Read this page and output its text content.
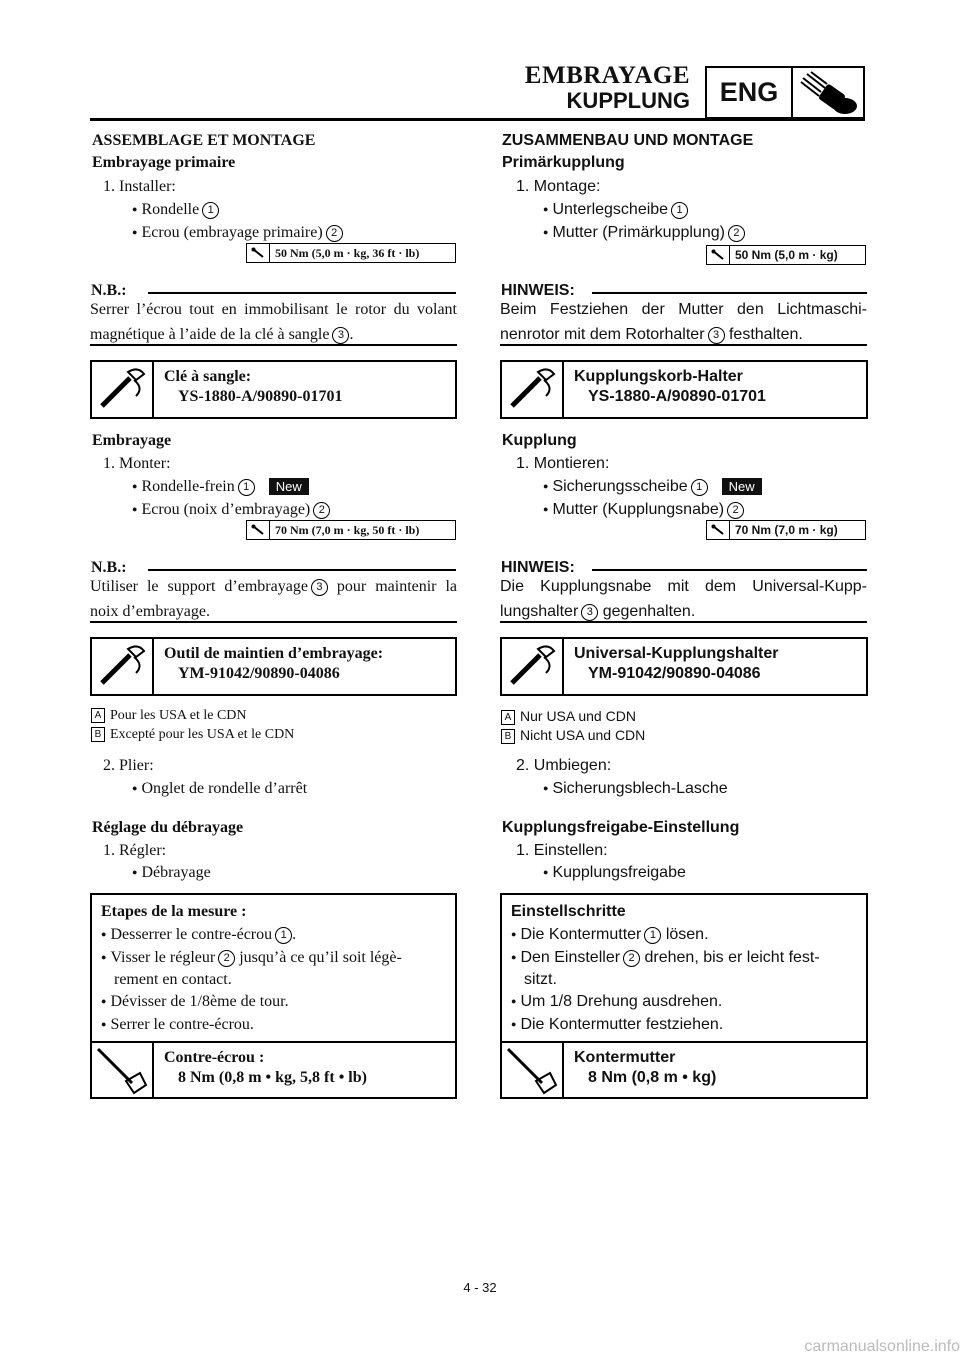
EMBRAYAGE
KUPPLUNG	ENG
ASSEMBLAGE ET MONTAGE
Embrayage primaire
1. Installer:
● Rondelle 1
● Ecrou (embrayage primaire) 2
50 Nm (5,0 m · kg, 36 ft · lb)
N.B.:
Serrer l’écrou tout en immobilisant le rotor du volant magnétique à l’aide de la clé à sangle 3 .
Clé à sangle:
YS-1880-A/90890-01701
Embrayage
1. Monter:
● Rondelle-frein 1 New
● Ecrou (noix d’embrayage) 2
70 Nm (7,0 m · kg, 50 ft · lb)
N.B.:
Utiliser le support d’embrayage 3 pour maintenir la noix d’embrayage.
Outil de maintien d’embrayage:
YM-91042/90890-04086
A Pour les USA et le CDN
B Excepté pour les USA et le CDN
2. Plier:
● Onglet de rondelle d’arrêt
Réglage du débrayage
1. Régler:
● Débrayage
Etapes de la mesure :
● Desserrer le contre-écrou 1 .
● Visser le régleur 2 jusqu’à ce qu’il soit légè-
rement en contact.
● Dévisser de 1/8ème de tour.
● Serrer le contre-écrou.
Contre-écrou :
8 Nm (0,8 m • kg, 5,8 ft • lb)
ZUSAMMENBAU UND MONTAGE
Primärkupplung
1. Montage:
● Unterlegscheibe 1
● Mutter (Primärkupplung) 2
50 Nm (5,0 m · kg)
HINWEIS:
Beim Festziehen der Mutter den Lichtmaschi-nenrotor mit dem Rotorhalter 3 festhalten.
Kupplungskorb-Halter
YS-1880-A/90890-01701
Kupplung
1. Montieren:
● Sicherungsscheibe 1 New
● Mutter (Kupplungsnabe) 2
70 Nm (7,0 m · kg)
HINWEIS:
Die Kupplungsnabe mit dem Universal-Kupp-lungshalter 3 gegenhalten.
Universal-Kupplungshalter
YM-91042/90890-04086
A Nur USA und CDN
B Nicht USA und CDN
2. Umbiegen:
● Sicherungsblech-Lasche
Kupplungsfreigabe-Einstellung
1. Einstellen:
● Kupplungsfreigabe
Einstellschritte
● Die Kontermutter 1 lösen.
● Den Einsteller 2 drehen, bis er leicht fest-
sitzt.
● Um 1/8 Drehung ausdrehen.
● Die Kontermutter festziehen.
Kontermutter
8 Nm (0,8 m • kg)
4 - 32
carmanualsonline.info
